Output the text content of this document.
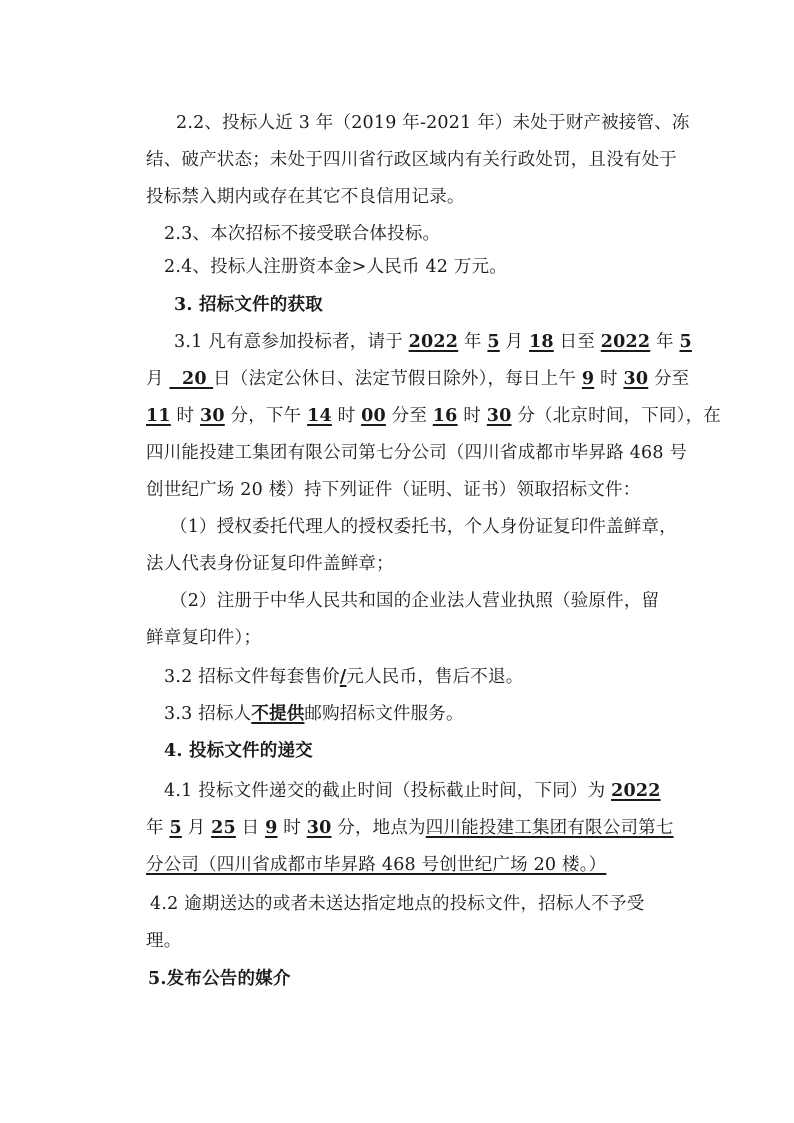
2.2、投标人近 3 年（2019 年-2021 年）未处于财产被接管、冻
结、破产状态；未处于四川省行政区域内有关行政处罚，且没有处于
投标禁入期内或存在其它不良信用记录。
2.3、本次招标不接受联合体投标。
2.4、投标人注册资本金>人民币 42 万元。
3. 招标文件的获取
3.1 凡有意参加投标者，请于 2022 年 5 月 18 日至 2022 年 5
月   20 日（法定公休日、法定节假日除外），每日上午 9 时 30 分至
11 时 30 分，下午 14 时 00 分至 16 时 30 分（北京时间，下同），在
四川能投建工集团有限公司第七分公司（四川省成都市毕昇路 468 号
创世纪广场 20 楼）持下列证件（证明、证书）领取招标文件：
（1）授权委托代理人的授权委托书，个人身份证复印件盖鲜章，
法人代表身份证复印件盖鲜章；
（2）注册于中华人民共和国的企业法人营业执照（验原件，留
鲜章复印件）；
3.2 招标文件每套售价/元人民币，售后不退。
3.3 招标人不提供邮购招标文件服务。
4. 投标文件的递交
4.1 投标文件递交的截止时间（投标截止时间，下同）为 2022
年 5 月 25 日 9 时 30 分，地点为四川能投建工集团有限公司第七
分公司（四川省成都市毕昇路 468 号创世纪广场 20 楼。）
4.2 逾期送达的或者未送达指定地点的投标文件，招标人不予受
理。
5.发布公告的媒介
